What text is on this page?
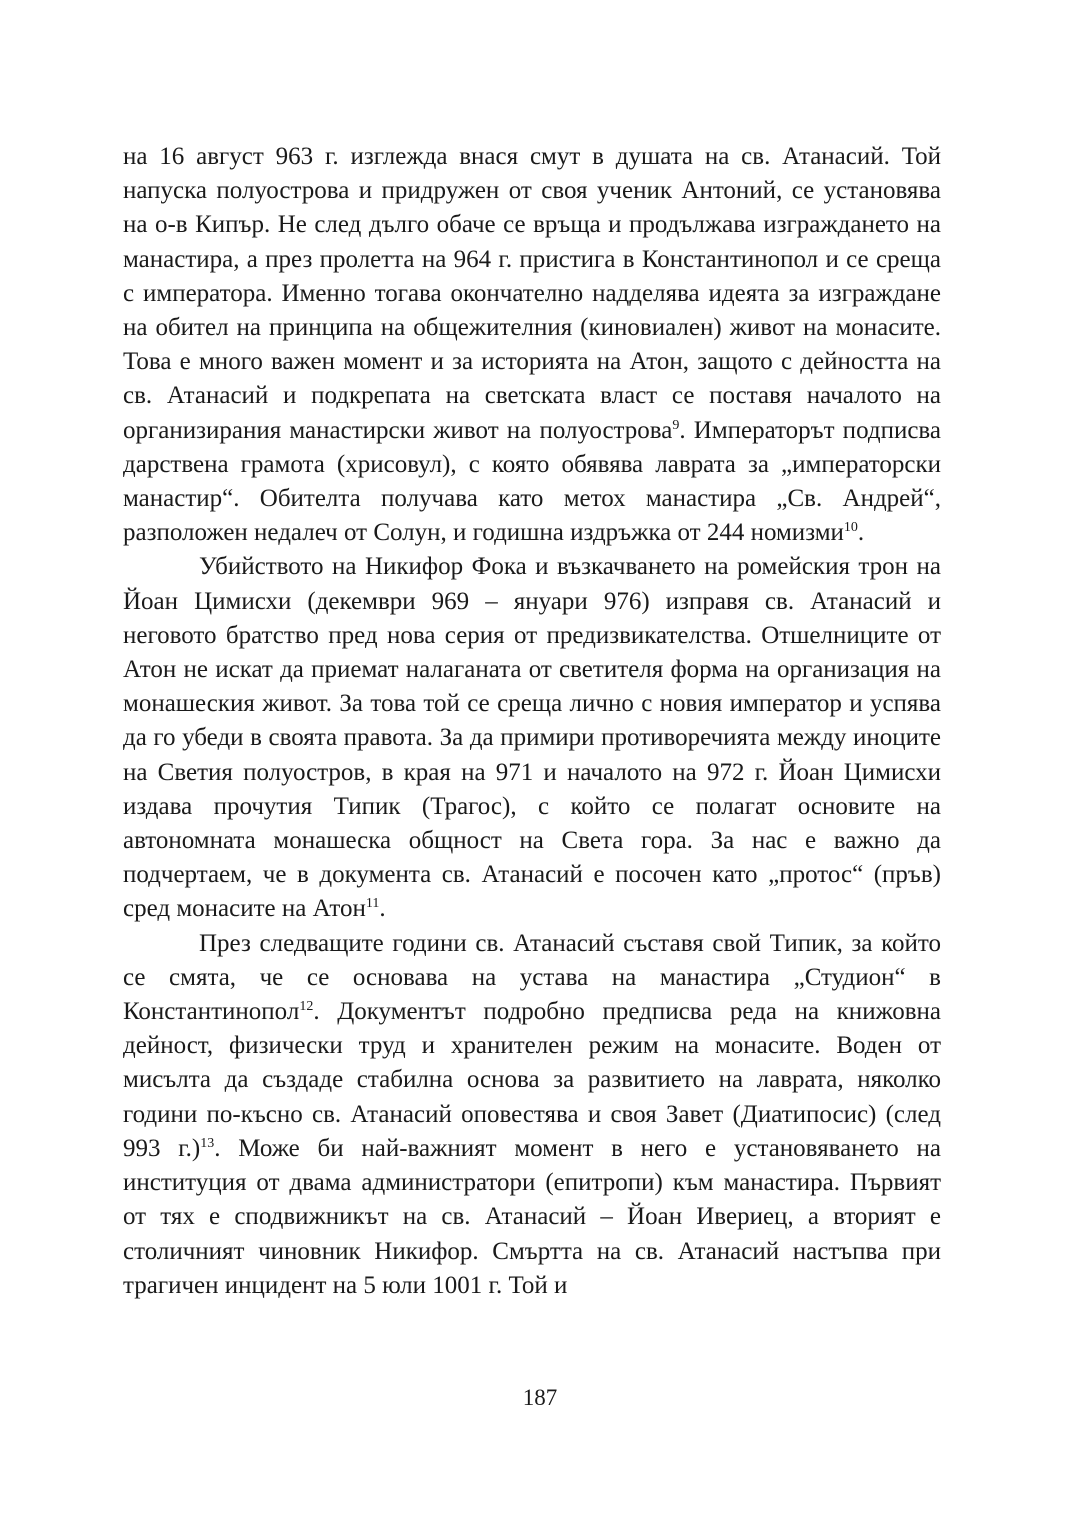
на 16 август 963 г. изглежда внася смут в душата на св. Атанасий. Той напуска полуострова и придружен от своя ученик Антоний, се установява на о-в Кипър. Не след дълго обаче се връща и продължава изграждането на манастира, а през пролетта на 964 г. пристига в Константинопол и се среща с императора. Именно тогава окончателно надделява идеята за изграждане на обител на принципа на общежителния (киновиален) живот на монасите. Това е много важен момент и за историята на Атон, защото с дейността на св. Атанасий и подкрепата на светската власт се поставя началото на организирания манастирски живот на полуострова$^9$. Императорът подписва дарствена грамота (хрисовул), с която обявява лаврата за „императорски манастир“. Обителта получава като метох манастира „Св. Андрей“, разположен недалеч от Солун, и годишна издръжка от 244 номизми$^{10}$.

Убийството на Никифор Фока и възкачването на ромейския трон на Йоан Цимисхи (декември 969 – януари 976) изправя св. Атанасий и неговото братство пред нова серия от предизвикателства. Отшелниците от Атон не искат да приемат налаганата от светителя форма на организация на монашеския живот. За това той се среща лично с новия император и успява да го убеди в своята правота. За да примири противоречията между иноците на Светия полуостров, в края на 971 и началото на 972 г. Йоан Цимисхи издава прочутия Типик (Трагос), с който се полагат основите на автономната монашеска общност на Света гора. За нас е важно да подчертаем, че в документа св. Атанасий е посочен като „протос“ (пръв) сред монасите на Атон$^{11}$.

През следващите години св. Атанасий съставя свой Типик, за който се смята, че се основава на устава на манастира „Студион“ в Константинопол$^{12}$. Документът подробно предписва реда на книжовна дейност, физически труд и хранителен режим на монасите. Воден от мисълта да създаде стабилна основа за развитието на лаврата, няколко години по-късно св. Атанасий оповестява и своя Завет (Диатипосис) (след 993 г.)$^{13}$. Може би най-важният момент в него е установяването на институция от двама администратори (епитропи) към манастира. Първият от тях е сподвижникът на св. Атанасий – Йоан Ивериец, а вторият е столичният чиновник Никифор. Смъртта на св. Атанасий настъпва при трагичен инцидент на 5 юли 1001 г. Той и

187
